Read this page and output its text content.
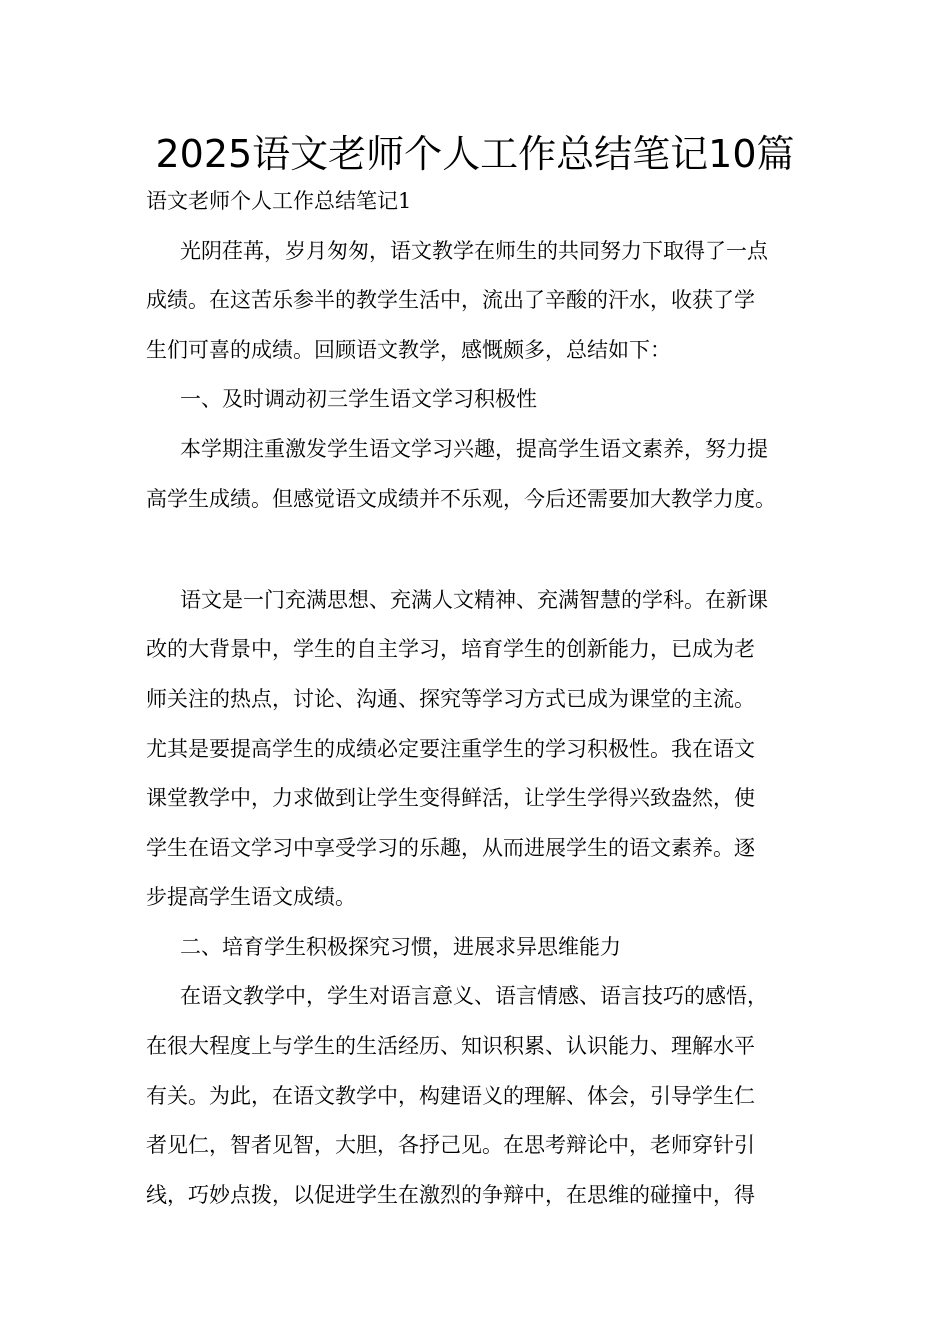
2025语文老师个人工作总结笔记10篇
语文老师个人工作总结笔记1
光阴荏苒，岁月匆匆，语文教学在师生的共同努力下取得了一点
成绩。在这苦乐参半的教学生活中，流出了辛酸的汗水，收获了学
生们可喜的成绩。回顾语文教学，感慨颇多，总结如下：
一、及时调动初三学生语文学习积极性
本学期注重激发学生语文学习兴趣，提高学生语文素养，努力提
高学生成绩。但感觉语文成绩并不乐观，今后还需要加大教学力度。
语文是一门充满思想、充满人文精神、充满智慧的学科。在新课
改的大背景中，学生的自主学习，培育学生的创新能力，已成为老
师关注的热点，讨论、沟通、探究等学习方式已成为课堂的主流。
尤其是要提高学生的成绩必定要注重学生的学习积极性。我在语文
课堂教学中，力求做到让学生变得鲜活，让学生学得兴致盎然，使
学生在语文学习中享受学习的乐趣，从而进展学生的语文素养。逐
步提高学生语文成绩。
二、培育学生积极探究习惯，进展求异思维能力
在语文教学中，学生对语言意义、语言情感、语言技巧的感悟，
在很大程度上与学生的生活经历、知识积累、认识能力、理解水平
有关。为此，在语文教学中，构建语义的理解、体会，引导学生仁
者见仁，智者见智，大胆，各抒己见。在思考辩论中，老师穿针引
线，巧妙点拨，以促进学生在激烈的争辩中，在思维的碰撞中，得
